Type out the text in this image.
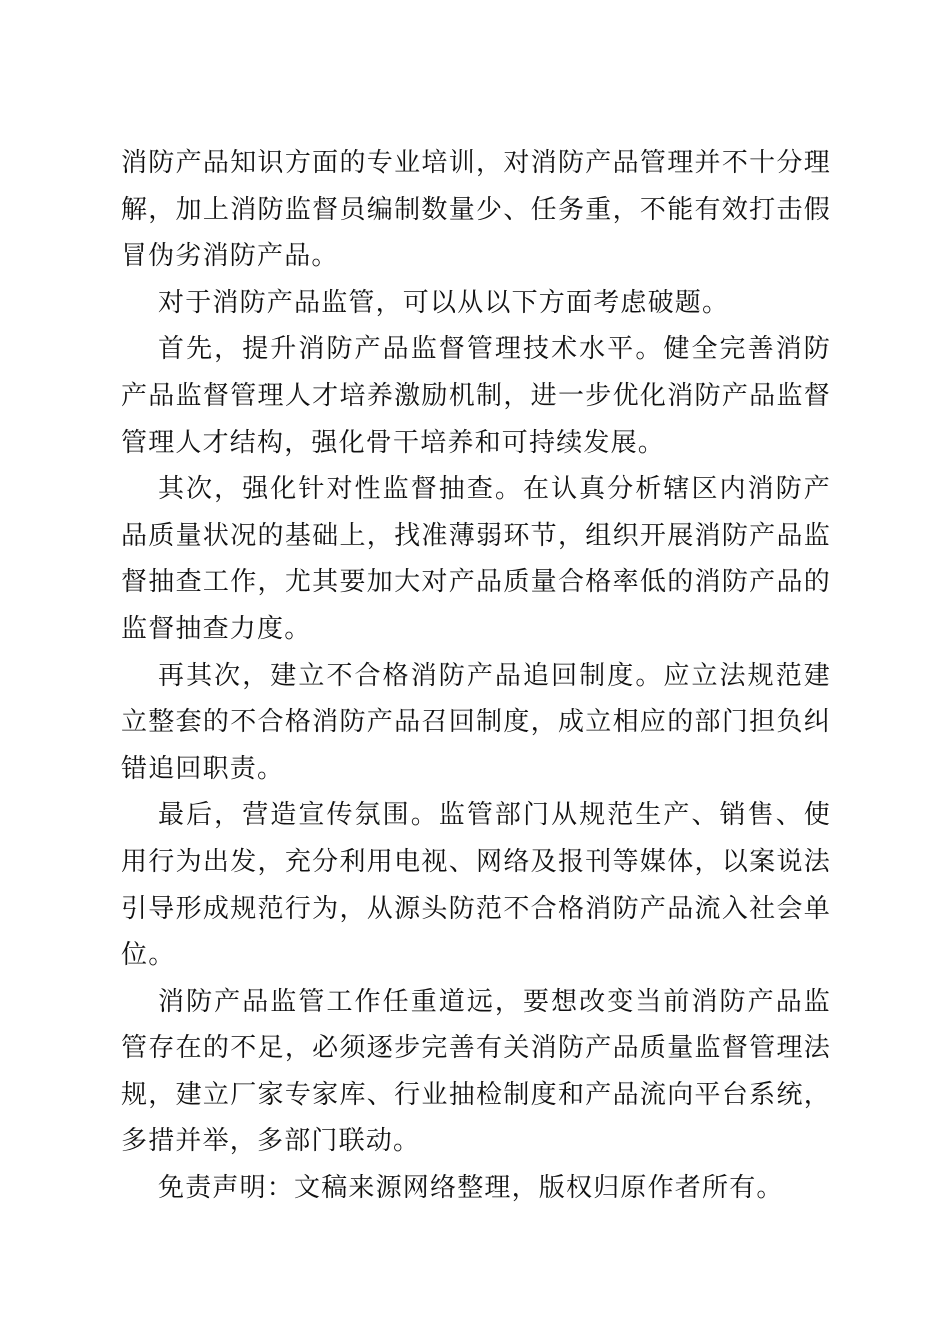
消防产品知识方面的专业培训，对消防产品管理并不十分理解，加上消防监督员编制数量少、任务重，不能有效打击假冒伪劣消防产品。

对于消防产品监管，可以从以下方面考虑破题。

首先，提升消防产品监督管理技术水平。健全完善消防产品监督管理人才培养激励机制，进一步优化消防产品监督管理人才结构，强化骨干培养和可持续发展。

其次，强化针对性监督抽查。在认真分析辖区内消防产品质量状况的基础上，找准薄弱环节，组织开展消防产品监督抽查工作，尤其要加大对产品质量合格率低的消防产品的监督抽查力度。

再其次，建立不合格消防产品追回制度。应立法规范建立整套的不合格消防产品召回制度，成立相应的部门担负纠错追回职责。

最后，营造宣传氛围。监管部门从规范生产、销售、使用行为出发，充分利用电视、网络及报刊等媒体，以案说法引导形成规范行为，从源头防范不合格消防产品流入社会单位。

消防产品监管工作任重道远，要想改变当前消防产品监管存在的不足，必须逐步完善有关消防产品质量监督管理法规，建立厂家专家库、行业抽检制度和产品流向平台系统，多措并举，多部门联动。

免责声明：文稿来源网络整理，版权归原作者所有。
